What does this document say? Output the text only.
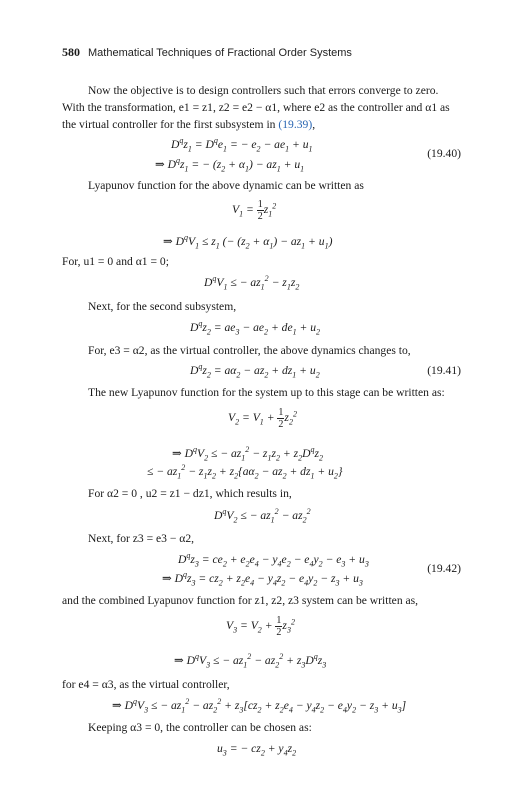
580 Mathematical Techniques of Fractional Order Systems
Now the objective is to design controllers such that errors converge to zero. With the transformation, e1 = z1, z2 = e2 − α1, where e2 as the controller and α1 as the virtual controller for the first subsystem in (19.39),
$D^qz_1 = D^qe_1$ = − $e_2 - ae_1 + u_1$
⇒ $D^qz_1$ = − $(z_2 + \alpha_1) - az_1 + u_1$
(19.40)
Lyapunov function for the above dynamic can be written as
$V_1 = \frac{1}{2} z_1^2$
⇒ $D^qV_1 \le z_1$ (− $(z_2 + \alpha_1) - az_1 + u_1$)
For, u1 = 0 and α1 = 0;
$D^qV_1$ ≤ − $az_1^2 - z_1z_2$
Next, for the second subsystem,
$D^qz_2 = ae_3 - ae_2 + de_1 + u_2$
For, e3 = α2, as the virtual controller, the above dynamics changes to,
$D^qz_2 = a\alpha_2 - az_2 + dz_1 + u_2$	(19.41)
The new Lyapunov function for the system up to this stage can be written as:
$V_2 = V_1 + \frac{1}{2} z_2^2$
⇒ $D^qV_2$ ≤ − $az_1^2 - z_1z_2 + z_2D^qz_2$
≤ − $az_1^2 - z_1z_2 + z_2\{a\alpha_2 - az_2 + dz_1 + u_2\}$
For α2 = 0 , u2 = z1 − dz1, which results in,
$D^qV_2$ ≤ − $az_1^2 - az_2^2$
Next, for z3 = e3 − α2,
$D^qz_3 = ce_2 + e_2e_4 - y_4e_2 - e_4y_2 - e_3 + u_3$
⇒ $D^qz_3 = cz_2 + z_2e_4 - y_4z_2 - e_4y_2 - z_3 + u_3$
(19.42)
and the combined Lyapunov function for z1, z2, z3 system can be written as,
$V_3 = V_2 + \frac{1}{2} z_3^2$
⇒ $D^qV_3$ ≤ − $az_1^2 - az_2^2 + z_3D^qz_3$
for e4 = α3, as the virtual controller,
⇒ $D^qV_3$ ≤ − $az_1^2 - az_2^2 + z_3[cz_2 + z_2e_4 - y_4z_2 - e_4y_2 - z_3 + u_3]$
Keeping α3 = 0, the controller can be chosen as:
$u_3$ = − $cz_2 + y_4z_2$
